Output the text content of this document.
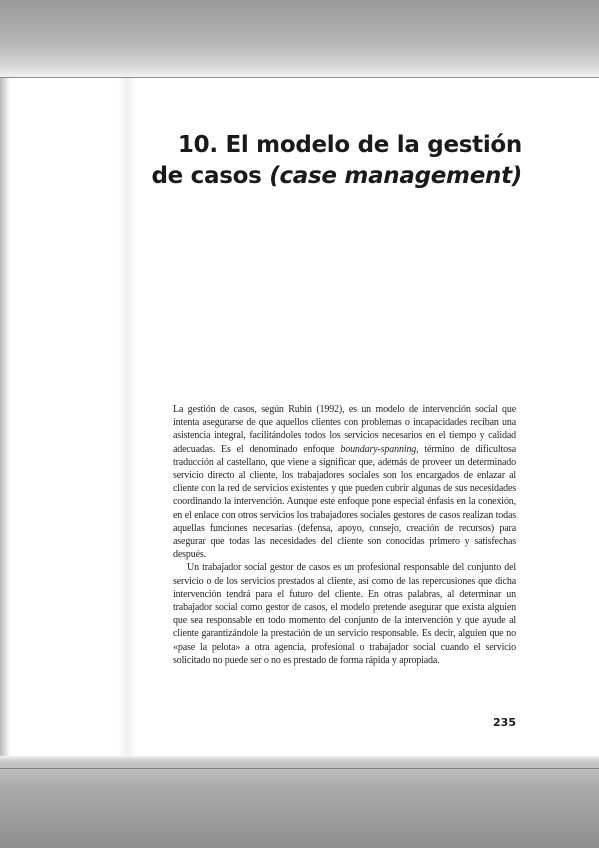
10. El modelo de la gestión
de casos (case management)

La gestión de casos, según Rubin (1992), es un modelo de intervención social que intenta asegurarse de que aquellos clientes con problemas o incapacidades reciban una asistencia integral, facilitándoles todos los servicios necesarios en el tiempo y calidad adecuadas. Es el denominado enfoque boundary-spanning, término de dificultosa traducción al castellano, que viene a significar que, además de proveer un determinado servicio directo al cliente, los trabajadores sociales son los encargados de enlazar al cliente con la red de servicios existentes y que pueden cubrir algunas de sus necesidades coordinando la intervención. Aunque este enfoque pone especial énfasis en la conexión, en el enlace con otros servicios los trabajadores sociales gestores de casos realizan todas aquellas funciones necesarias (defensa, apoyo, consejo, creación de recursos) para asegurar que todas las necesidades del cliente son conocidas primero y satisfechas después.

Un trabajador social gestor de casos es un profesional responsable del conjunto del servicio o de los servicios prestados al cliente, así como de las repercusiones que dicha intervención tendrá para el futuro del cliente. En otras palabras, al determinar un trabajador social como gestor de casos, el modelo pretende asegurar que exista alguien que sea responsable en todo momento del conjunto de la intervención y que ayude al cliente garantizándole la prestación de un servicio responsable. Es decir, alguien que no «pase la pelota» a otra agencia, profesional o trabajador social cuando el servicio solicitado no puede ser o no es prestado de forma rápida y apropiada.

235
